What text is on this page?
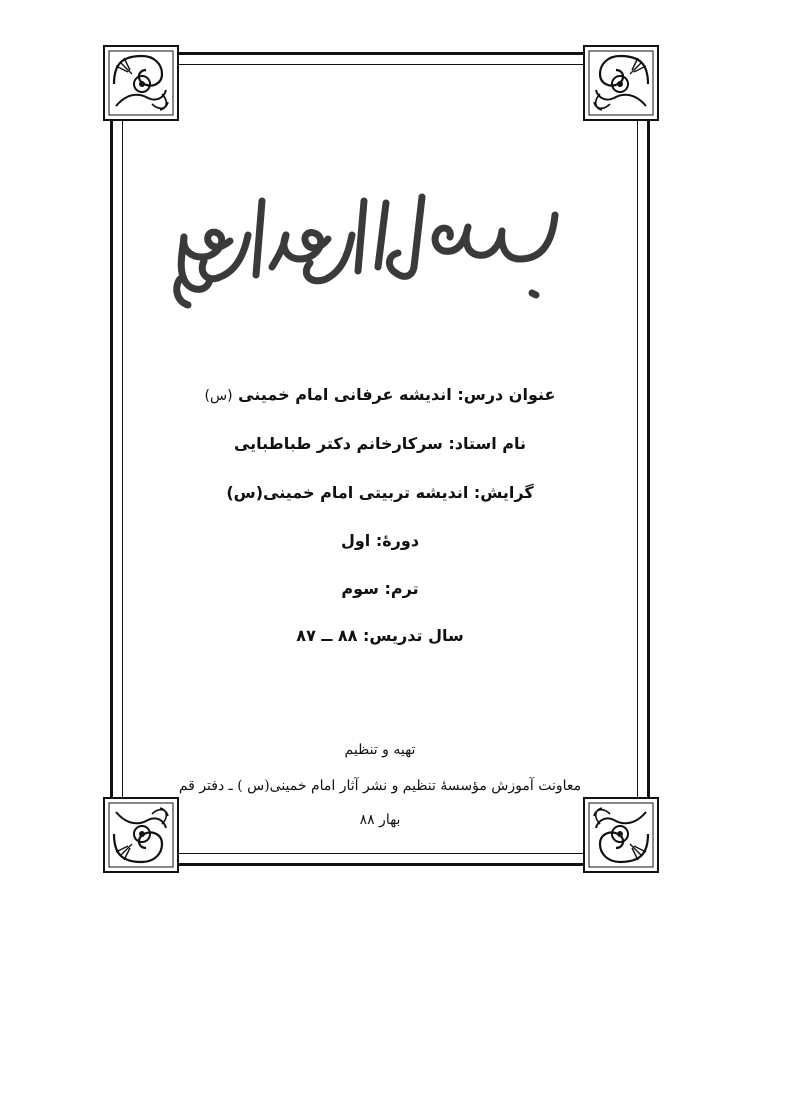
عنوان درس: اندیشه عرفانی امام خمینی (س)
نام استاد: سرکارخانم دکتر طباطبایی
گرایش: اندیشه تربیتی امام خمینی(س)
دورۀ: اول
ترم: سوم
سال تدریس: ۸۸ ــ ۸۷
تهیه و تنظیم
معاونت آموزش مؤسسۀ تنظیم و نشر آثار امام خمینی(س ) ـ دفتر قم
بهار ۸۸
